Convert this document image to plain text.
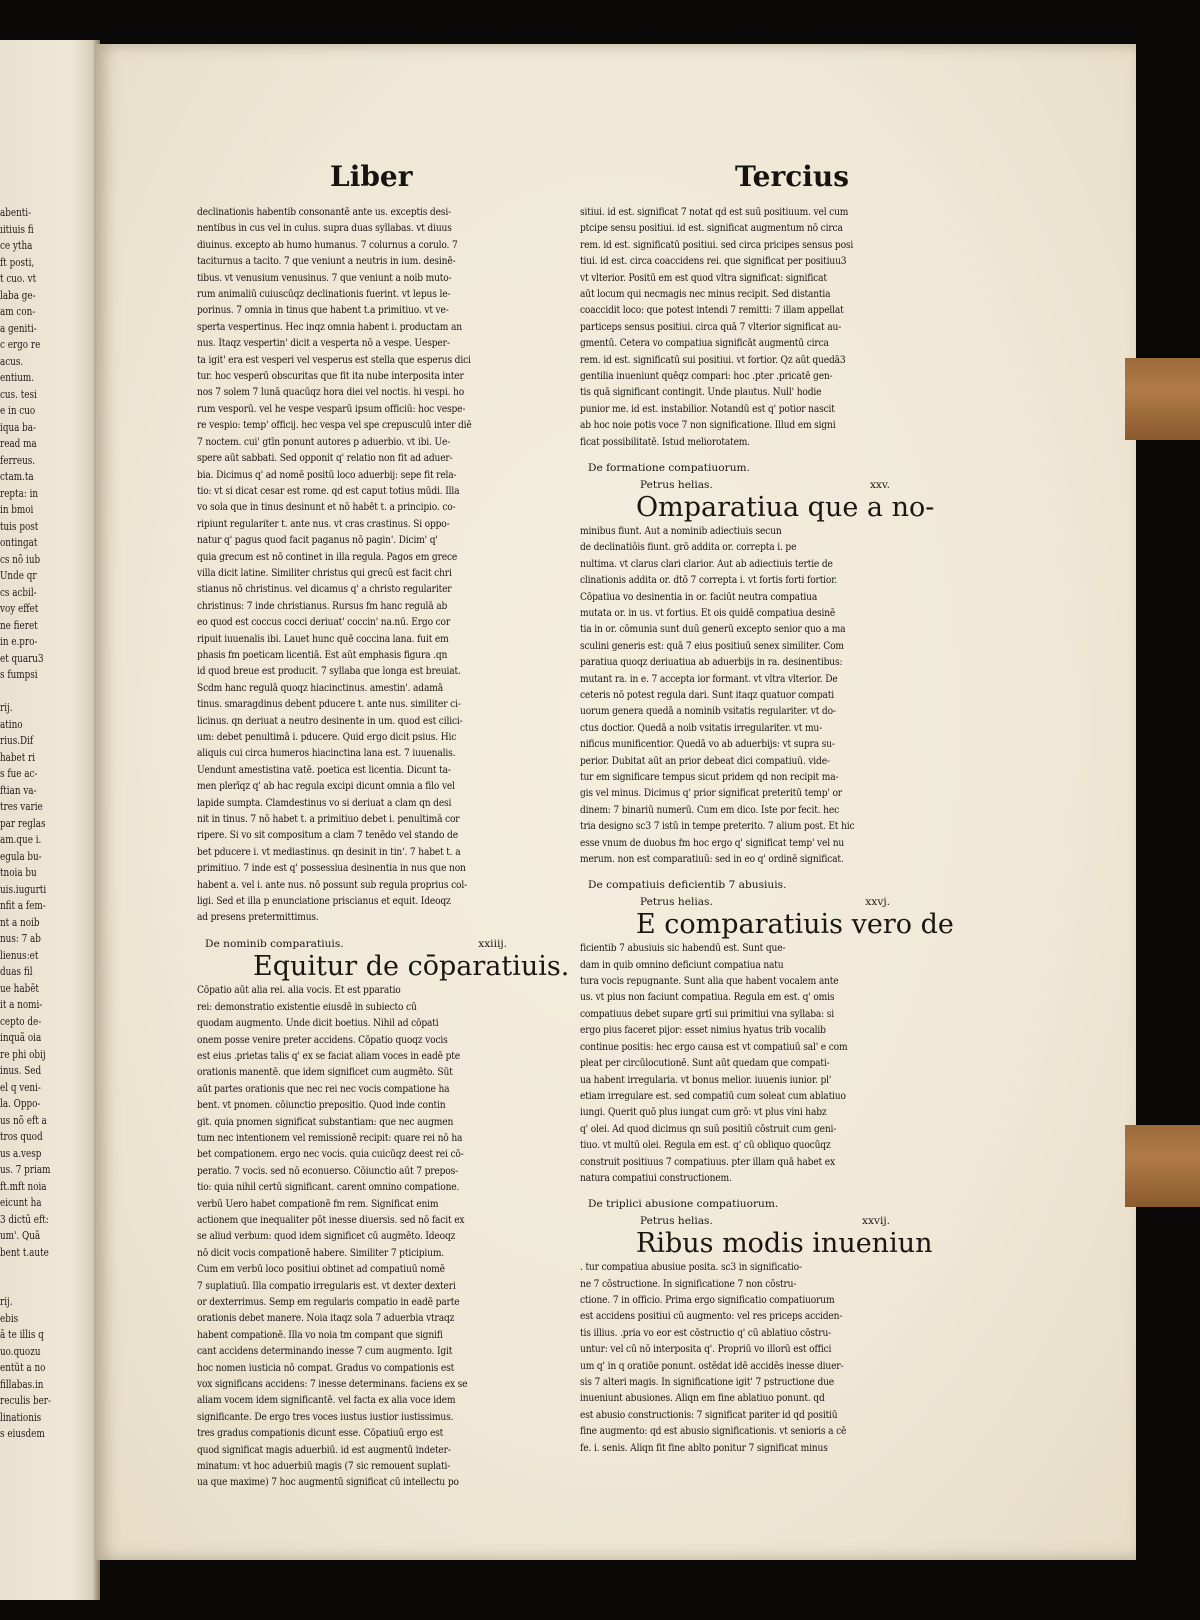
abenti-
ıitiuis fi
ce ytha
ft posti,
t cuo. vt
laba ge-
am con-
a geniti-
c ergo re
acus.
entium.
cus. tesi
e in cuo
iqua ba-
read ma
ferreus.
ctam.ta
repta: in
in bmoi
tuis post
ontingat
cs nõ iub
Unde qr
cs acbil-
voy effet
ne fieret
in e.pro-
et quaru3
s fumpsi
rij.
atino
rius.Dif
habet ri
s fue ac-
ftian va-
tres varie
par reglas
am.que i.
egula bu-
tnoia bu
uis.iugurti
nfit a fem-
nt a noib
nus: 7 ab
lienus:et
duas fil
ue habēt
it a nomi-
cepto de-
inquã oia
re phi obij
inus. Sed
el q veni-
la. Oppo-
us nõ eft a
tros quod
us a.vesp
us. 7 priam
ft.mft noia
eicunt ha
3 dictū eft:
um'. Quā
bent t.aute
rij.
ebis
ā te illis q
uo.quozu
entüt a no
fillabas.in
reculis ber-
linationis
s eiusdem
Liber	Tercius
declinationis habentib consonantē ante us. exceptis desi-
nentibus in cus vel in culus. supra duas syllabas. vt diuus
diuinus. excepto ab humo humanus. 7 colurnus a corulo. 7
taciturnus a tacito. 7 que veniunt a neutris in ium. desinē-
tibus. vt venusium venusinus. 7 que veniunt a noib muto-
rum animaliū cuiuscūqz declinationis fuerint. vt lepus le-
porinus. 7 omnia in tinus que habent t.a primitiuo. vt ve-
sperta vespertinus. Hec inqz omnia habent i. productam an
nus. Itaqz vespertin' dicit a vesperta nō a vespe. Uesper-
ta igit' era est vesperi vel vesperus est stella que esperus dici
tur. hoc vesperū obscuritas que fit ita nube interposita inter
nos 7 solem 7 lunā quacūqz hora diei vel noctis. hi vespi. ho
rum vesporū. vel he vespe vesparū ipsum officiū: hoc vespe-
re vespio: temp' officij. hec vespa vel spe crepusculū inter diē
7 noctem. cui' gtīn ponunt autores p aduerbio. vt ibi. Ue-
spere aūt sabbati. Sed opponit q' relatio non fit ad aduer-
bia. Dicimus q' ad nomē positū loco aduerbij: sepe fit rela-
tio: vt si dicat cesar est rome. qd est caput totius mūdi. Illa
vo sola que in tinus desinunt et nō habēt t. a principio. co-
ripiunt regulariter t. ante nus. vt cras crastinus. Si oppo-
natur q' pagus quod facit paganus nō pagin'. Dicim' q'
quia grecum est nō continet in illa regula. Pagos em grece
villa dicit latine. Similiter christus qui grecū est facit chri
stianus nō christinus. vel dicamus q' a christo regulariter
christinus: 7 inde christianus. Rursus fm hanc regulā ab
eo quod est coccus cocci deriuat' coccin' na.nū. Ergo cor
ripuit iuuenalis ibi. Lauet hunc quē coccina lana. fuit em
phasis fm poeticam licentiā. Est aūt emphasis figura .qn
id quod breue est producit. 7 syllaba que longa est breuiat.
Scdm hanc regulā quoqz hiacinctinus. amestin'. adamā
tinus. smaragdinus debent pducere t. ante nus. similiter ci-
licinus. qn deriuat a neutro desinente in um. quod est cilici-
um: debet penultimā i. pducere. Quid ergo dicit psius. Hic
aliquis cui circa humeros hiacinctina lana est. 7 iuuenalis.
Uendunt amestistina vatē. poetica est licentia. Dicunt ta-
men plerīqz q' ab hac regula excipi dicunt omnia a filo vel
lapide sumpta. Clamdestinus vo si deriuat a clam qn desi
nit in tinus. 7 nō habet t. a primitiuo debet i. penultimā cor
ripere. Si vo sit compositum a clam 7 tenēdo vel stando de
bet pducere i. vt mediastinus. qn desinit in tin'. 7 habet t. a
primitiuo. 7 inde est q' possessiua desinentia in nus que non
habent a. vel i. ante nus. nō possunt sub regula proprius col-
ligi. Sed et illa p enunciatione priscianus et equit. Ideoqz
ad presens pretermittimus.
De nominib comparatiuis.	xxiiij.
Equitur de cōparatiuis.
Cōpatio aūt alia rei. alia vocis. Et est pparatio
rei: demonstratio existentie eiusdē in subiecto cū
quodam augmento. Unde dicit boetius. Nihil ad cōpati
onem posse venire preter accidens. Cōpatio quoqz vocis
est eius .prietas talis q' ex se faciat aliam voces in eadē pte
orationis manentē. que idem significet cum augmēto. Sūt
aūt partes orationis que nec rei nec vocis compatione ha
bent. vt pnomen. cōiunctio prepositio. Quod inde contin
git. quia pnomen significat substantiam: que nec augmen
tum nec intentionem vel remissionē recipit: quare rei nō ha
bet compationem. ergo nec vocis. quia cuicūqz deest rei cō-
peratio. 7 vocis. sed nō econuerso. Cōiunctio aūt 7 prepos-
tio: quia nihil certū significant. carent omnino compatione.
verbū Uero habet compationē fm rem. Significat enim
actionem que inequaliter pōt inesse diuersis. sed nō facit ex
se aliud verbum: quod idem significet cū augmēto. Ideoqz
nō dicit vocis compationē habere. Similiter 7 pticipium.
Cum em verbū loco positiui obtinet ad compatiuū nomē
7 suplatiuū. Illa compatio irregularis est. vt dexter dexteri
or dexterrimus. Semp em regularis compatio in eadē parte
orationis debet manere. Noia itaqz sola 7 aduerbia vtraqz
habent compationē. Illa vo noia tm compant que signifi
cant accidens determinando inesse 7 cum augmento. Igit
hoc nomen iusticia nō compat. Gradus vo compationis est
vox significans accidens: 7 inesse determinans. faciens ex se
aliam vocem idem significantē. vel facta ex alia voce idem
significante. De ergo tres voces iustus iustior iustissimus.
tres gradus compationis dicunt esse. Cōpatiuū ergo est
quod significat magis aduerbiū. id est augmentū indeter-
minatum: vt hoc aduerbiū magis (7 sic remouent suplati-
ua que maxime) 7 hoc augmentū significat cū intellectu po
sitiui. id est. significat 7 notat qd est suū positiuum. vel cum
ptcipe sensu positiui. id est. significat augmentum nō circa
rem. id est. significatū positiui. sed circa pricipes sensus posi
tiui. id est. circa coaccidens rei. que significat per positiuu3
vt vlterior. Positū em est quod vltra significat: significat
aūt locum qui necmagis nec minus recipit. Sed distantia
coaccidit loco: que potest intendi 7 remitti: 7 illam appellat
particeps sensus positiui. circa quā 7 vlterior significat au-
gmentū. Cetera vo compatiua significāt augmentū circa
rem. id est. significatū sui positiui. vt fortior. Qz aūt quedā3
gentilia inueniunt quēqz compari: hoc .pter .pricatē gen-
tis quā significant contingit. Unde plautus. Null' hodie
punior me. id est. instabilior. Notandū est q' potior nascit
ab hoc noie potis voce 7 non significatione. Illud em signi
ficat possibilitatē. Istud meliorotatem.
De formatione compatiuorum.
Petrus helias.	xxv.
Omparatiua que a no-
minibus fiunt. Aut a nominib adiectiuis secun
de declinatiōis fiunt. grō addita or. correpta i. pe
nultima. vt clarus clari clarior. Aut ab adiectiuis tertie de
clinationis addita or. dtō 7 correpta i. vt fortis forti fortior.
Cōpatiua vo desinentia in or. faciūt neutra compatiua
mutata or. in us. vt fortius. Et ois quidē compatiua desinē
tia in or. cōmunia sunt duū generū excepto senior quo a ma
sculini generis est: quā 7 eius positiuū senex similiter. Com
paratiua quoqz deriuatiua ab aduerbijs in ra. desinentibus:
mutant ra. in e. 7 accepta ior formant. vt vltra vlterior. De
ceteris nō potest regula dari. Sunt itaqz quatuor compati
uorum genera quedā a nominib vsitatis regulariter. vt do-
ctus doctior. Quedā a noib vsitatis irregulariter. vt mu-
nificus munificentior. Quedā vo ab aduerbijs: vt supra su-
perior. Dubitat aūt an prior debeat dici compatiuū. vide-
tur em significare tempus sicut pridem qd non recipit ma-
gis vel minus. Dicimus q' prior significat preteritū temp' or
dinem: 7 binariū numerū. Cum em dico. Iste por fecit. hec
tria designo sc3 7 istū in tempe preterito. 7 alium post. Et hic
esse vnum de duobus fm hoc ergo q' significat temp' vel nu
merum. non est comparatiuū: sed in eo q' ordinē significat.
De compatiuis deficientib 7 abusiuis.
Petrus helias.	xxvj.
E comparatiuis vero de
ficientib 7 abusiuis sic habendū est. Sunt que-
dam in quib omnino deficiunt compatiua natu
tura vocis repugnante. Sunt alia que habent vocalem ante
us. vt pius non faciunt compatiua. Regula em est. q' omis
compatiuus debet supare grtī sui primitiui vna syllaba: si
ergo pius faceret pijor: esset nimius hyatus trib vocalib
continue positis: hec ergo causa est vt compatiuū sal' e com
pleat per circūlocutionē. Sunt aūt quedam que compati-
ua habent irregularia. vt bonus melior. iuuenis iunior. pl'
etiam irregulare est. sed compatiū cum soleat cum ablatiuo
iungi. Querit quō plus iungat cum grō: vt plus vini habz
q' olei. Ad quod dicimus qn suū positiū cōstruit cum geni-
tiuo. vt multū olei. Regula em est. q' cū obliquo quocūqz
construit positiuus 7 compatiuus. pter illam quā habet ex
natura compatiui constructionem.
De triplici abusione compatiuorum.
Petrus helias.	xxvij.
Ribus modis inueniun
. tur compatiua abusiue posita. sc3 in significatio-
ne 7 cōstructione. In significatione 7 non cōstru-
ctione. 7 in officio. Prima ergo significatio compatiuorum
est accidens positiui cū augmento: vel res priceps acciden-
tis illius. .pria vo eor est cōstructio q' cū ablatiuo cōstru-
untur: vel cū nō interposita q'. Propriū vo illorū est offici
um q' in q oratiōe ponunt. ostēdat idē accidēs inesse diuer-
sis 7 alteri magis. In significatione igit' 7 pstructione due
inueniunt abusiones. Aliqn em fine ablatiuo ponunt. qd
est abusio constructionis: 7 significat pariter id qd positiū
fine augmento: qd est abusio significationis. vt senioris a cē
fe. i. senis. Aliqn fit fine ablto ponitur 7 significat minus
